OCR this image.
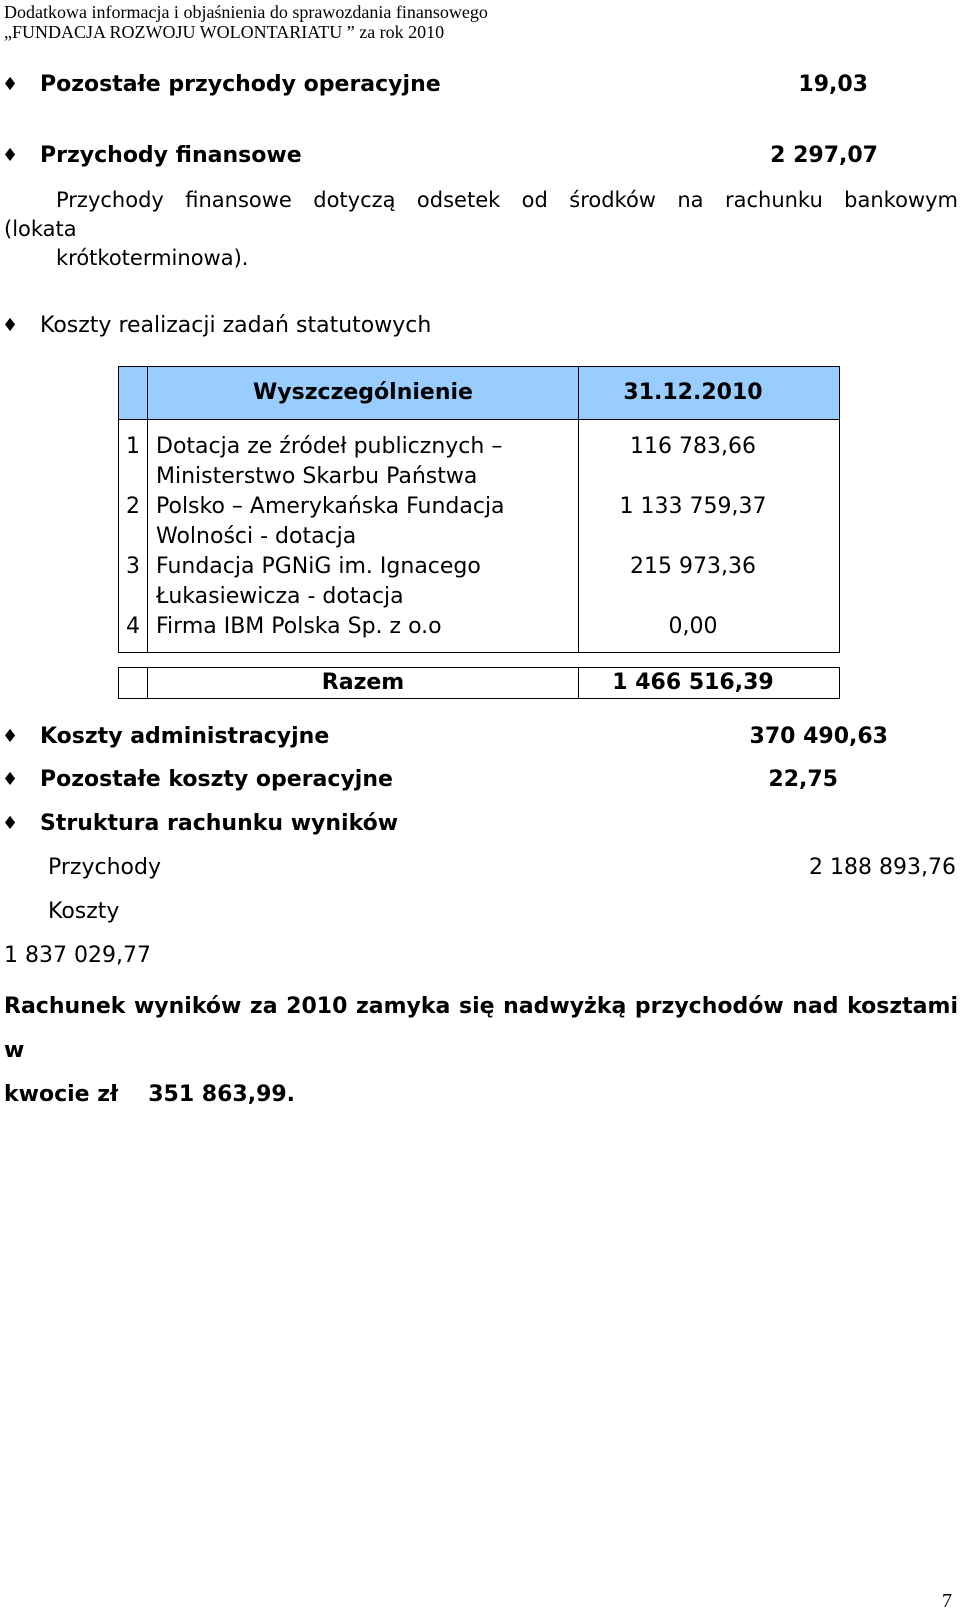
Dodatkowa informacja i objaśnienia do sprawozdania finansowego
„FUNDACJA ROZWOJU WOLONTARIATU ” za rok 2010
♦ Pozostałe przychody operacyjne	19,03
♦ Przychody finansowe	2 297,07
Przychody finansowe dotyczą odsetek od środków na rachunku bankowym
(lokata
krótkoterminowa).
♦ Koszty realizacji zadań statutowych
	Wyszczególnienie	31.12.2010
1	Dotacja ze źródeł publicznych – Ministerstwo Skarbu Państwa	116 783,66
2	Polsko – Amerykańska Fundacja Wolności - dotacja	1 133 759,37
3	Fundacja PGNiG im. Ignacego Łukasiewicza - dotacja	215 973,36
4	Firma IBM Polska Sp. z o.o	0,00

	Razem	1 466 516,39
♦ Koszty administracyjne	370 490,63
♦ Pozostałe koszty operacyjne	22,75
♦ Struktura rachunku wyników
Przychody	2 188 893,76
Koszty
1 837 029,77
Rachunek wyników za 2010 zamyka się nadwyżką przychodów nad kosztami w
kwocie zł 351 863,99.
7
